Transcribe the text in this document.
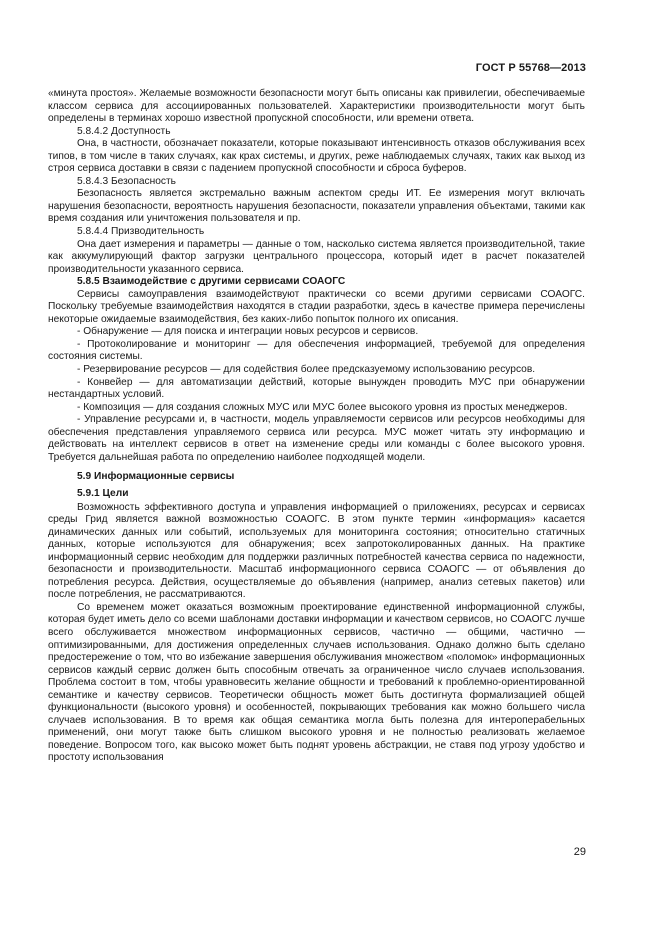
ГОСТ Р 55768—2013

«минута простоя». Желаемые возможности безопасности могут быть описаны как привилегии, обеспечиваемые классом сервиса для ассоциированных пользователей. Характеристики производительности могут быть определены в терминах хорошо известной пропускной способности, или времени ответа.

5.8.4.2 Доступность

Она, в частности, обозначает показатели, которые показывают интенсивность отказов обслуживания всех типов, в том числе в таких случаях, как крах системы, и других, реже наблюдаемых случаях, таких как выход из строя сервиса доставки в связи с падением пропускной способности и сброса буферов.

5.8.4.3 Безопасность

Безопасность является экстремально важным аспектом среды ИТ. Ее измерения могут включать нарушения безопасности, вероятность нарушения безопасности, показатели управления объектами, такими как время создания или уничтожения пользователя и пр.

5.8.4.4 Призводительность

Она дает измерения и параметры — данные о том, насколько система является производительной, такие как аккумулирующий фактор загрузки центрального процессора, который идет в расчет показателей производительности указанного сервиса.

5.8.5 Взаимодействие с другими сервисами СОАОГС

Сервисы самоуправления взаимодействуют практически со всеми другими сервисами СОАОГС. Поскольку требуемые взаимодействия находятся в стадии разработки, здесь в качестве примера перечислены некоторые ожидаемые взаимодействия, без каких-либо попыток полного их описания.

- Обнаружение — для поиска и интеграции новых ресурсов и сервисов.

- Протоколирование и мониторинг — для обеспечения информацией, требуемой для определения состояния системы.

- Резервирование ресурсов — для содействия более предсказуемому использованию ресурсов.

- Конвейер — для автоматизации действий, которые вынужден проводить МУС при обнаружении нестандартных условий.

- Композиция — для создания сложных МУС или МУС более высокого уровня из простых менеджеров.

- Управление ресурсами и, в частности, модель управляемости сервисов или ресурсов необходимы для обеспечения представления управляемого сервиса или ресурса. МУС может читать эту информацию и действовать на интеллект сервисов в ответ на изменение среды или команды с более высокого уровня. Требуется дальнейшая работа по определению наиболее подходящей модели.

5.9 Информационные сервисы

5.9.1 Цели

Возможность эффективного доступа и управления информацией о приложениях, ресурсах и сервисах среды Грид является важной возможностью СОАОГС. В этом пункте термин «информация» касается динамических данных или событий, используемых для мониторинга состояния; относительно статичных данных, которые используются для обнаружения; всех запротоколированных данных. На практике информационный сервис необходим для поддержки различных потребностей качества сервиса по надежности, безопасности и производительности. Масштаб информационного сервиса СОАОГС — от объявления до потребления ресурса. Действия, осуществляемые до объявления (например, анализ сетевых пакетов) или после потребления, не рассматриваются.

Со временем может оказаться возможным проектирование единственной информационной службы, которая будет иметь дело со всеми шаблонами доставки информации и качеством сервисов, но СОАОГС лучше всего обслуживается множеством информационных сервисов, частично — общими, частично — оптимизированными, для достижения определенных случаев использования. Однако должно быть сделано предостережение о том, что во избежание завершения обслуживания множеством «поломок» информационных сервисов каждый сервис должен быть способным отвечать за ограниченное число случаев использования. Проблема состоит в том, чтобы уравновесить желание общности и требований к проблемно-ориентированной семантике и качеству сервисов. Теоретически общность может быть достигнута формализацией общей функциональности (высокого уровня) и особенностей, покрывающих требования как можно большего числа случаев использования. В то время как общая семантика могла быть полезна для интероперабельных применений, они могут также быть слишком высокого уровня и не полностью реализовать желаемое поведение. Вопросом того, как высоко может быть поднят уровень абстракции, не ставя под угрозу удобство и простоту использования

29
